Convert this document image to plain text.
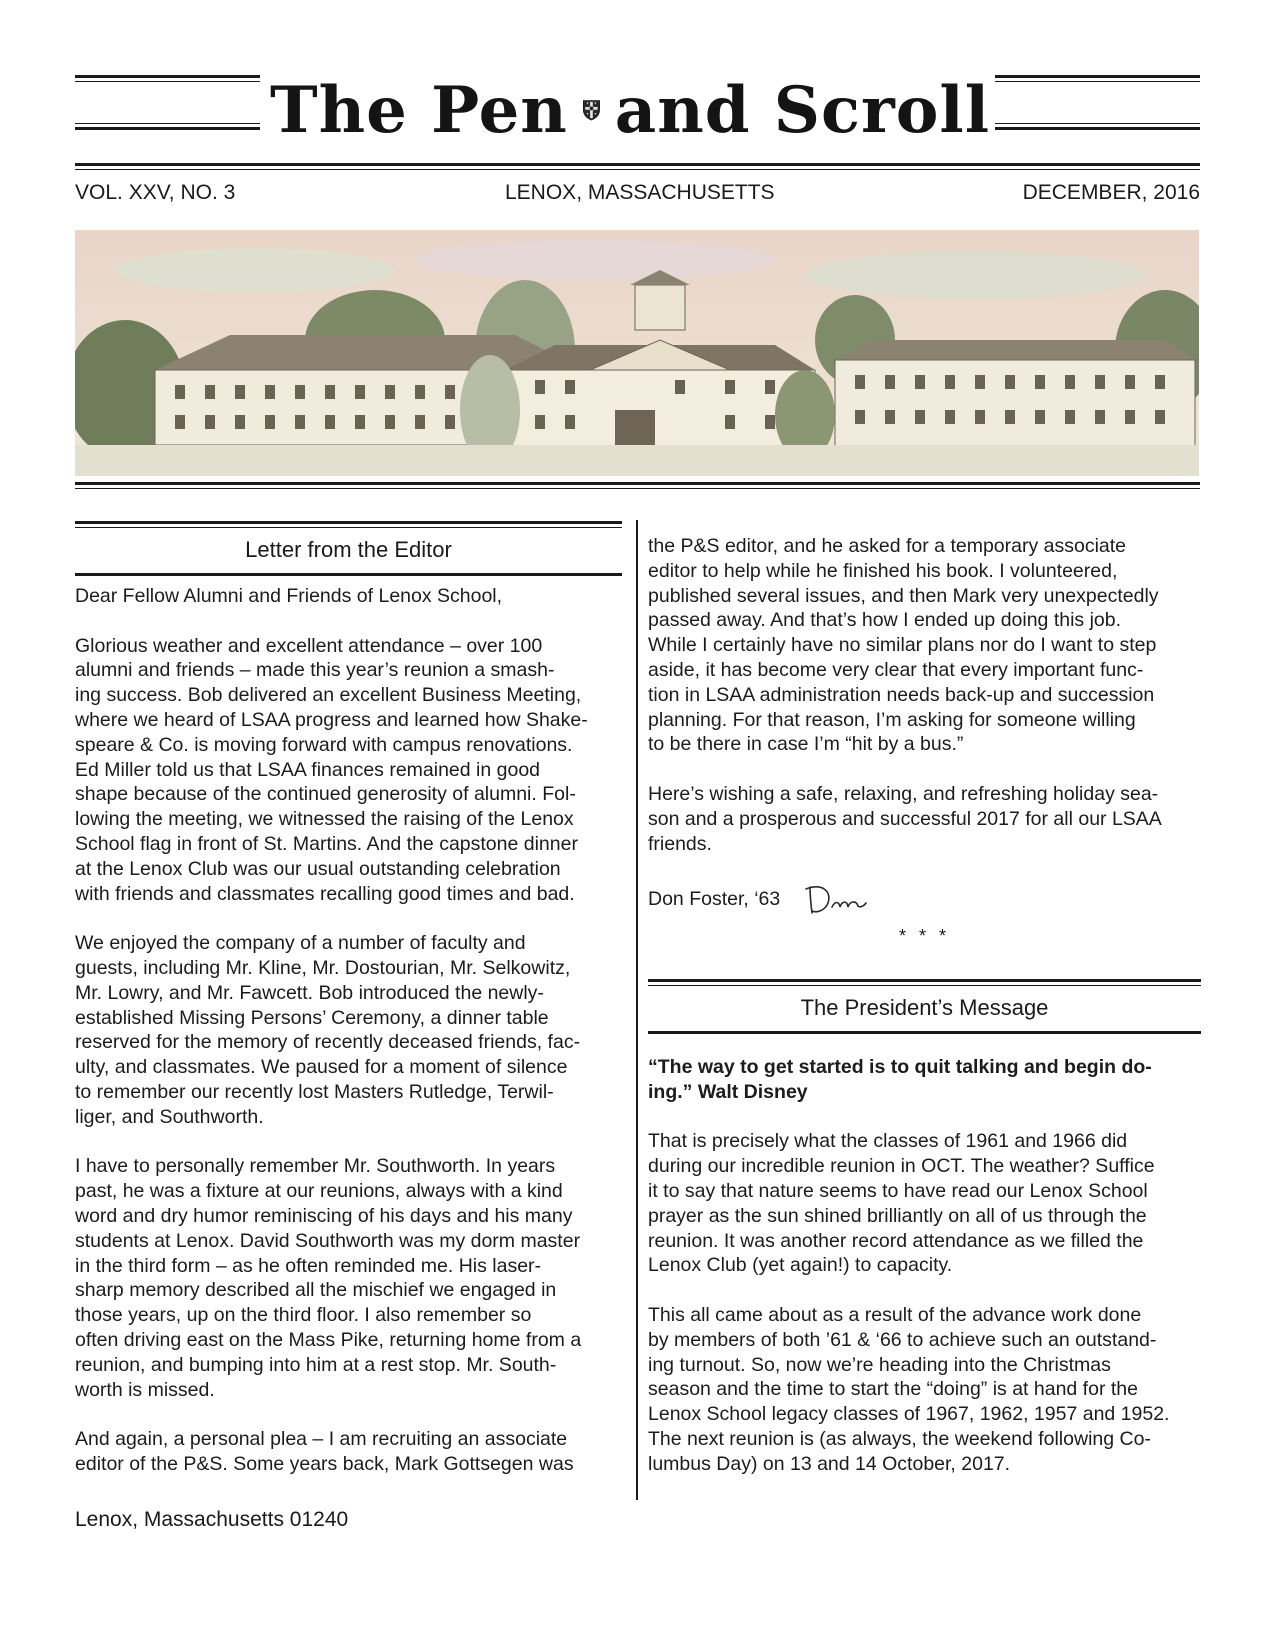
The Pen and Scroll
VOL. XXV, NO. 3	LENOX, MASSACHUSETTS	DECEMBER, 2016
Letter from the Editor

Dear Fellow Alumni and Friends of Lenox School,

Glorious weather and excellent attendance – over 100
alumni and friends – made this year’s reunion a smash-
ing success. Bob delivered an excellent Business Meeting,
where we heard of LSAA progress and learned how Shake-
speare & Co. is moving forward with campus renovations.
Ed Miller told us that LSAA finances remained in good
shape because of the continued generosity of alumni. Fol-
lowing the meeting, we witnessed the raising of the Lenox
School flag in front of St. Martins. And the capstone dinner
at the Lenox Club was our usual outstanding celebration
with friends and classmates recalling good times and bad.

We enjoyed the company of a number of faculty and
guests, including Mr. Kline, Mr. Dostourian, Mr. Selkowitz,
Mr. Lowry, and Mr. Fawcett. Bob introduced the newly-
established Missing Persons’ Ceremony, a dinner table
reserved for the memory of recently deceased friends, fac-
ulty, and classmates. We paused for a moment of silence
to remember our recently lost Masters Rutledge, Terwil-
liger, and Southworth.

I have to personally remember Mr. Southworth. In years
past, he was a fixture at our reunions, always with a kind
word and dry humor reminiscing of his days and his many
students at Lenox. David Southworth was my dorm master
in the third form – as he often reminded me. His laser-
sharp memory described all the mischief we engaged in
those years, up on the third floor. I also remember so
often driving east on the Mass Pike, returning home from a
reunion, and bumping into him at a rest stop. Mr. South-
worth is missed.

And again, a personal plea – I am recruiting an associate
editor of the P&S. Some years back, Mark Gottsegen was

the P&S editor, and he asked for a temporary associate
editor to help while he finished his book. I volunteered,
published several issues, and then Mark very unexpectedly
passed away. And that’s how I ended up doing this job.
While I certainly have no similar plans nor do I want to step
aside, it has become very clear that every important func-
tion in LSAA administration needs back-up and succession
planning. For that reason, I’m asking for someone willing
to be there in case I’m “hit by a bus.”

Here’s wishing a safe, relaxing, and refreshing holiday sea-
son and a prosperous and successful 2017 for all our LSAA
friends.

Don Foster, ‘63
* * *
The President’s Message

“The way to get started is to quit talking and begin do-
ing.” Walt Disney

That is precisely what the classes of 1961 and 1966 did
during our incredible reunion in OCT. The weather? Suffice
it to say that nature seems to have read our Lenox School
prayer as the sun shined brilliantly on all of us through the
reunion. It was another record attendance as we filled the
Lenox Club (yet again!) to capacity.

This all came about as a result of the advance work done
by members of both ’61 & ‘66 to achieve such an outstand-
ing turnout. So, now we’re heading into the Christmas
season and the time to start the “doing” is at hand for the
Lenox School legacy classes of 1967, 1962, 1957 and 1952.
The next reunion is (as always, the weekend following Co-
lumbus Day) on 13 and 14 October, 2017.

Lenox, Massachusetts 01240
